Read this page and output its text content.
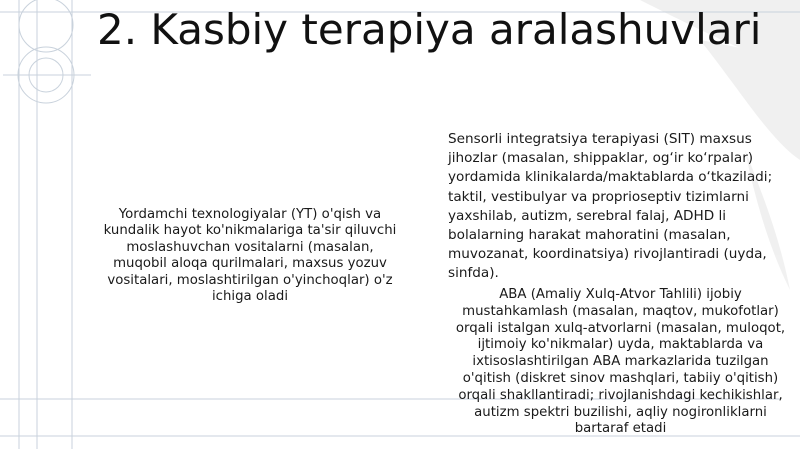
2. Kasbiy terapiya aralashuvlari
Yordamchi texnologiyalar (YT) o'qish va kundalik hayot ko'nikmalariga ta'sir qiluvchi moslashuvchan vositalarni (masalan, muqobil aloqa qurilmalari, maxsus yozuv vositalari, moslashtirilgan o'yinchoqlar) o'z ichiga oladi

Sensorli integratsiya terapiyasi (SIT) maxsus jihozlar (masalan, shippaklar, og‘ir ko‘rpalar) yordamida klinikalarda/maktablarda o‘tkaziladi; taktil, vestibulyar va proprioseptiv tizimlarni yaxshilab, autizm, serebral falaj, ADHD li bolalarning harakat mahoratini (masalan, muvozanat, koordinatsiya) rivojlantiradi (uyda, sinfda).

ABA (Amaliy Xulq-Atvor Tahlili) ijobiy mustahkamlash (masalan, maqtov, mukofotlar) orqali istalgan xulq-atvorlarni (masalan, muloqot, ijtimoiy ko'nikmalar) uyda, maktablarda va ixtisoslashtirilgan ABA markazlarida tuzilgan o'qitish (diskret sinov mashqlari, tabiiy o'qitish) orqali shakllantiradi; rivojlanishdagi kechikishlar, autizm spektri buzilishi, aqliy nogironliklarni bartaraf etadi
